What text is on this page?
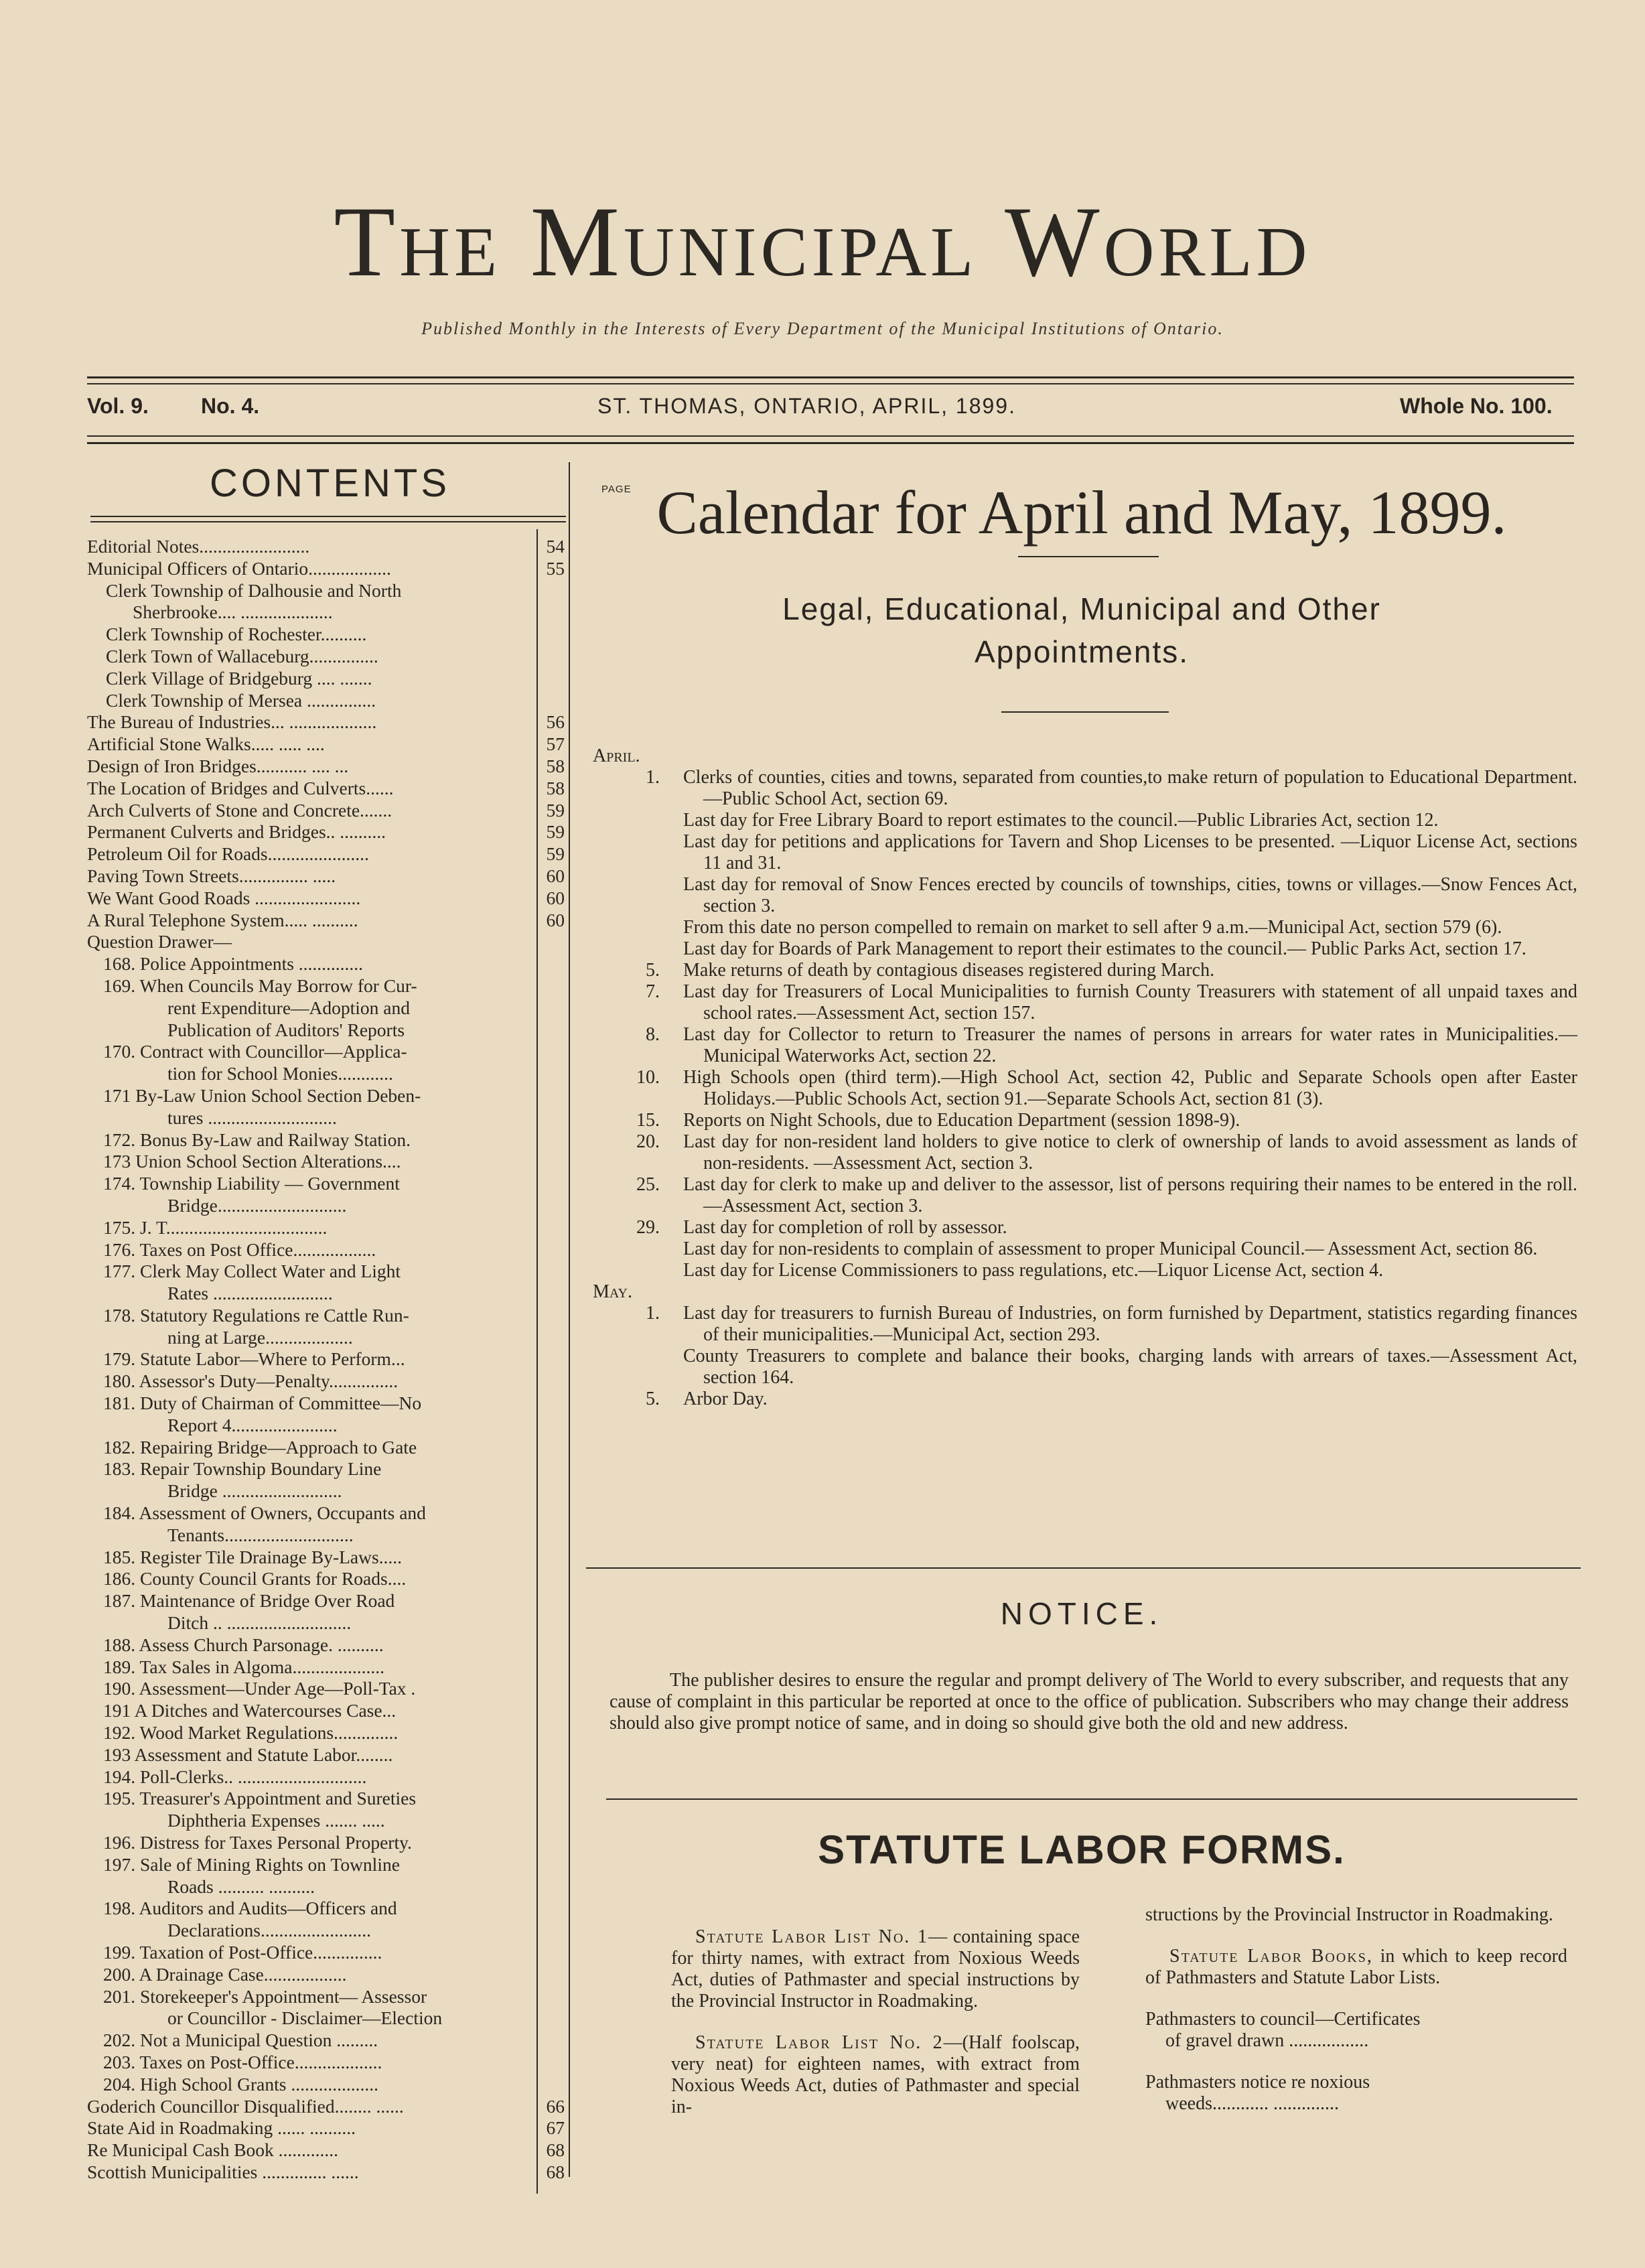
The Municipal World
Published Monthly in the Interests of Every Department of the Municipal Institutions of Ontario.
Vol. 9. No. 4.	ST. THOMAS, ONTARIO, APRIL, 1899.	Whole No. 100.
CONTENTS	PAGE
Editorial Notes........................	54
Municipal Officers of Ontario..................	55
Clerk Township of Dalhousie and North
Sherbrooke.... ....................
Clerk Township of Rochester..........
Clerk Town of Wallaceburg...............
Clerk Village of Bridgeburg .... .......
Clerk Township of Mersea ...............
The Bureau of Industries... ...................	56
Artificial Stone Walks..... ..... ....	57
Design of Iron Bridges........... .... ...	58
The Location of Bridges and Culverts......	58
Arch Culverts of Stone and Concrete.......	59
Permanent Culverts and Bridges.. ..........	59
Petroleum Oil for Roads......................	59
Paving Town Streets............... .....	60
We Want Good Roads .......................	60
A Rural Telephone System..... ..........	60
Question Drawer—
168. Police Appointments ..............
169. When Councils May Borrow for Cur-
rent Expenditure—Adoption and
Publication of Auditors' Reports
170. Contract with Councillor—Applica-
tion for School Monies............
171 By-Law Union School Section Deben-
tures ............................
172. Bonus By-Law and Railway Station.
173 Union School Section Alterations....
174. Township Liability — Government
Bridge............................
175. J. T...................................
176. Taxes on Post Office..................
177. Clerk May Collect Water and Light
Rates ..........................
178. Statutory Regulations re Cattle Run-
ning at Large...................
179. Statute Labor—Where to Perform...
180. Assessor's Duty—Penalty...............
181. Duty of Chairman of Committee—No
Report 4.......................
182. Repairing Bridge—Approach to Gate
183. Repair Township Boundary Line
Bridge ..........................
184. Assessment of Owners, Occupants and
Tenants............................
185. Register Tile Drainage By-Laws.....
186. County Council Grants for Roads....
187. Maintenance of Bridge Over Road
Ditch .. ...........................
188. Assess Church Parsonage. ..........
189. Tax Sales in Algoma....................
190. Assessment—Under Age—Poll-Tax .
191 A Ditches and Watercourses Case...
192. Wood Market Regulations..............
193 Assessment and Statute Labor........
194. Poll-Clerks.. ............................
195. Treasurer's Appointment and Sureties
Diphtheria Expenses ....... .....
196. Distress for Taxes Personal Property.
197. Sale of Mining Rights on Townline
Roads .......... ..........
198. Auditors and Audits—Officers and
Declarations........................
199. Taxation of Post-Office...............
200. A Drainage Case..................
201. Storekeeper's Appointment— Assessor
or Councillor - Disclaimer—Election
202. Not a Municipal Question .........
203. Taxes on Post-Office...................
204. High School Grants ...................
Goderich Councillor Disqualified........ ......	66
State Aid in Roadmaking ...... ..........	67
Re Municipal Cash Book .............	68
Scottish Municipalities .............. ......	68
Calendar for April and May, 1899.
Legal, Educational, Municipal and Other
Appointments.
April.
1. Clerks of counties, cities and towns, separated from counties,to make return of population to Educational Department.—Public School Act, section 69.
Last day for Free Library Board to report estimates to the council.—Public Libraries Act, section 12.
Last day for petitions and applications for Tavern and Shop Licenses to be presented. —Liquor License Act, sections 11 and 31.
Last day for removal of Snow Fences erected by councils of townships, cities, towns or villages.—Snow Fences Act, section 3.
From this date no person compelled to remain on market to sell after 9 a.m.—Municipal Act, section 579 (6).
Last day for Boards of Park Management to report their estimates to the council.— Public Parks Act, section 17.
5. Make returns of death by contagious diseases registered during March.
7. Last day for Treasurers of Local Municipalities to furnish County Treasurers with statement of all unpaid taxes and school rates.—Assessment Act, section 157.
8. Last day for Collector to return to Treasurer the names of persons in arrears for water rates in Municipalities.—Municipal Waterworks Act, section 22.
10. High Schools open (third term).—High School Act, section 42, Public and Separate Schools open after Easter Holidays.—Public Schools Act, section 91.—Separate Schools Act, section 81 (3).
15. Reports on Night Schools, due to Education Department (session 1898-9).
20. Last day for non-resident land holders to give notice to clerk of ownership of lands to avoid assessment as lands of non-residents. —Assessment Act, section 3.
25. Last day for clerk to make up and deliver to the assessor, list of persons requiring their names to be entered in the roll.—Assessment Act, section 3.
29. Last day for completion of roll by assessor.
Last day for non-residents to complain of assessment to proper Municipal Council.— Assessment Act, section 86.
Last day for License Commissioners to pass regulations, etc.—Liquor License Act, section 4.
May.
1. Last day for treasurers to furnish Bureau of Industries, on form furnished by Department, statistics regarding finances of their municipalities.—Municipal Act, section 293.
County Treasurers to complete and balance their books, charging lands with arrears of taxes.—Assessment Act, section 164.
5. Arbor Day.
NOTICE.
The publisher desires to ensure the regular and prompt delivery of The World to every subscriber, and requests that any cause of complaint in this particular be reported at once to the office of publication. Subscribers who may change their address should also give prompt notice of same, and in doing so should give both the old and new address.
STATUTE LABOR FORMS.
Statute Labor List No. 1— containing space for thirty names, with extract from Noxious Weeds Act, duties of Pathmaster and special instructions by the Provincial Instructor in Roadmaking.
Statute Labor List No. 2—(Half foolscap, very neat) for eighteen names, with extract from Noxious Weeds Act, duties of Pathmaster and special in-
structions by the Provincial Instructor in Roadmaking.
Statute Labor Books, in which to keep record of Pathmasters and Statute Labor Lists.
Pathmasters to council—Certificates
of gravel drawn .................
Pathmasters notice re noxious
weeds............ ..............
